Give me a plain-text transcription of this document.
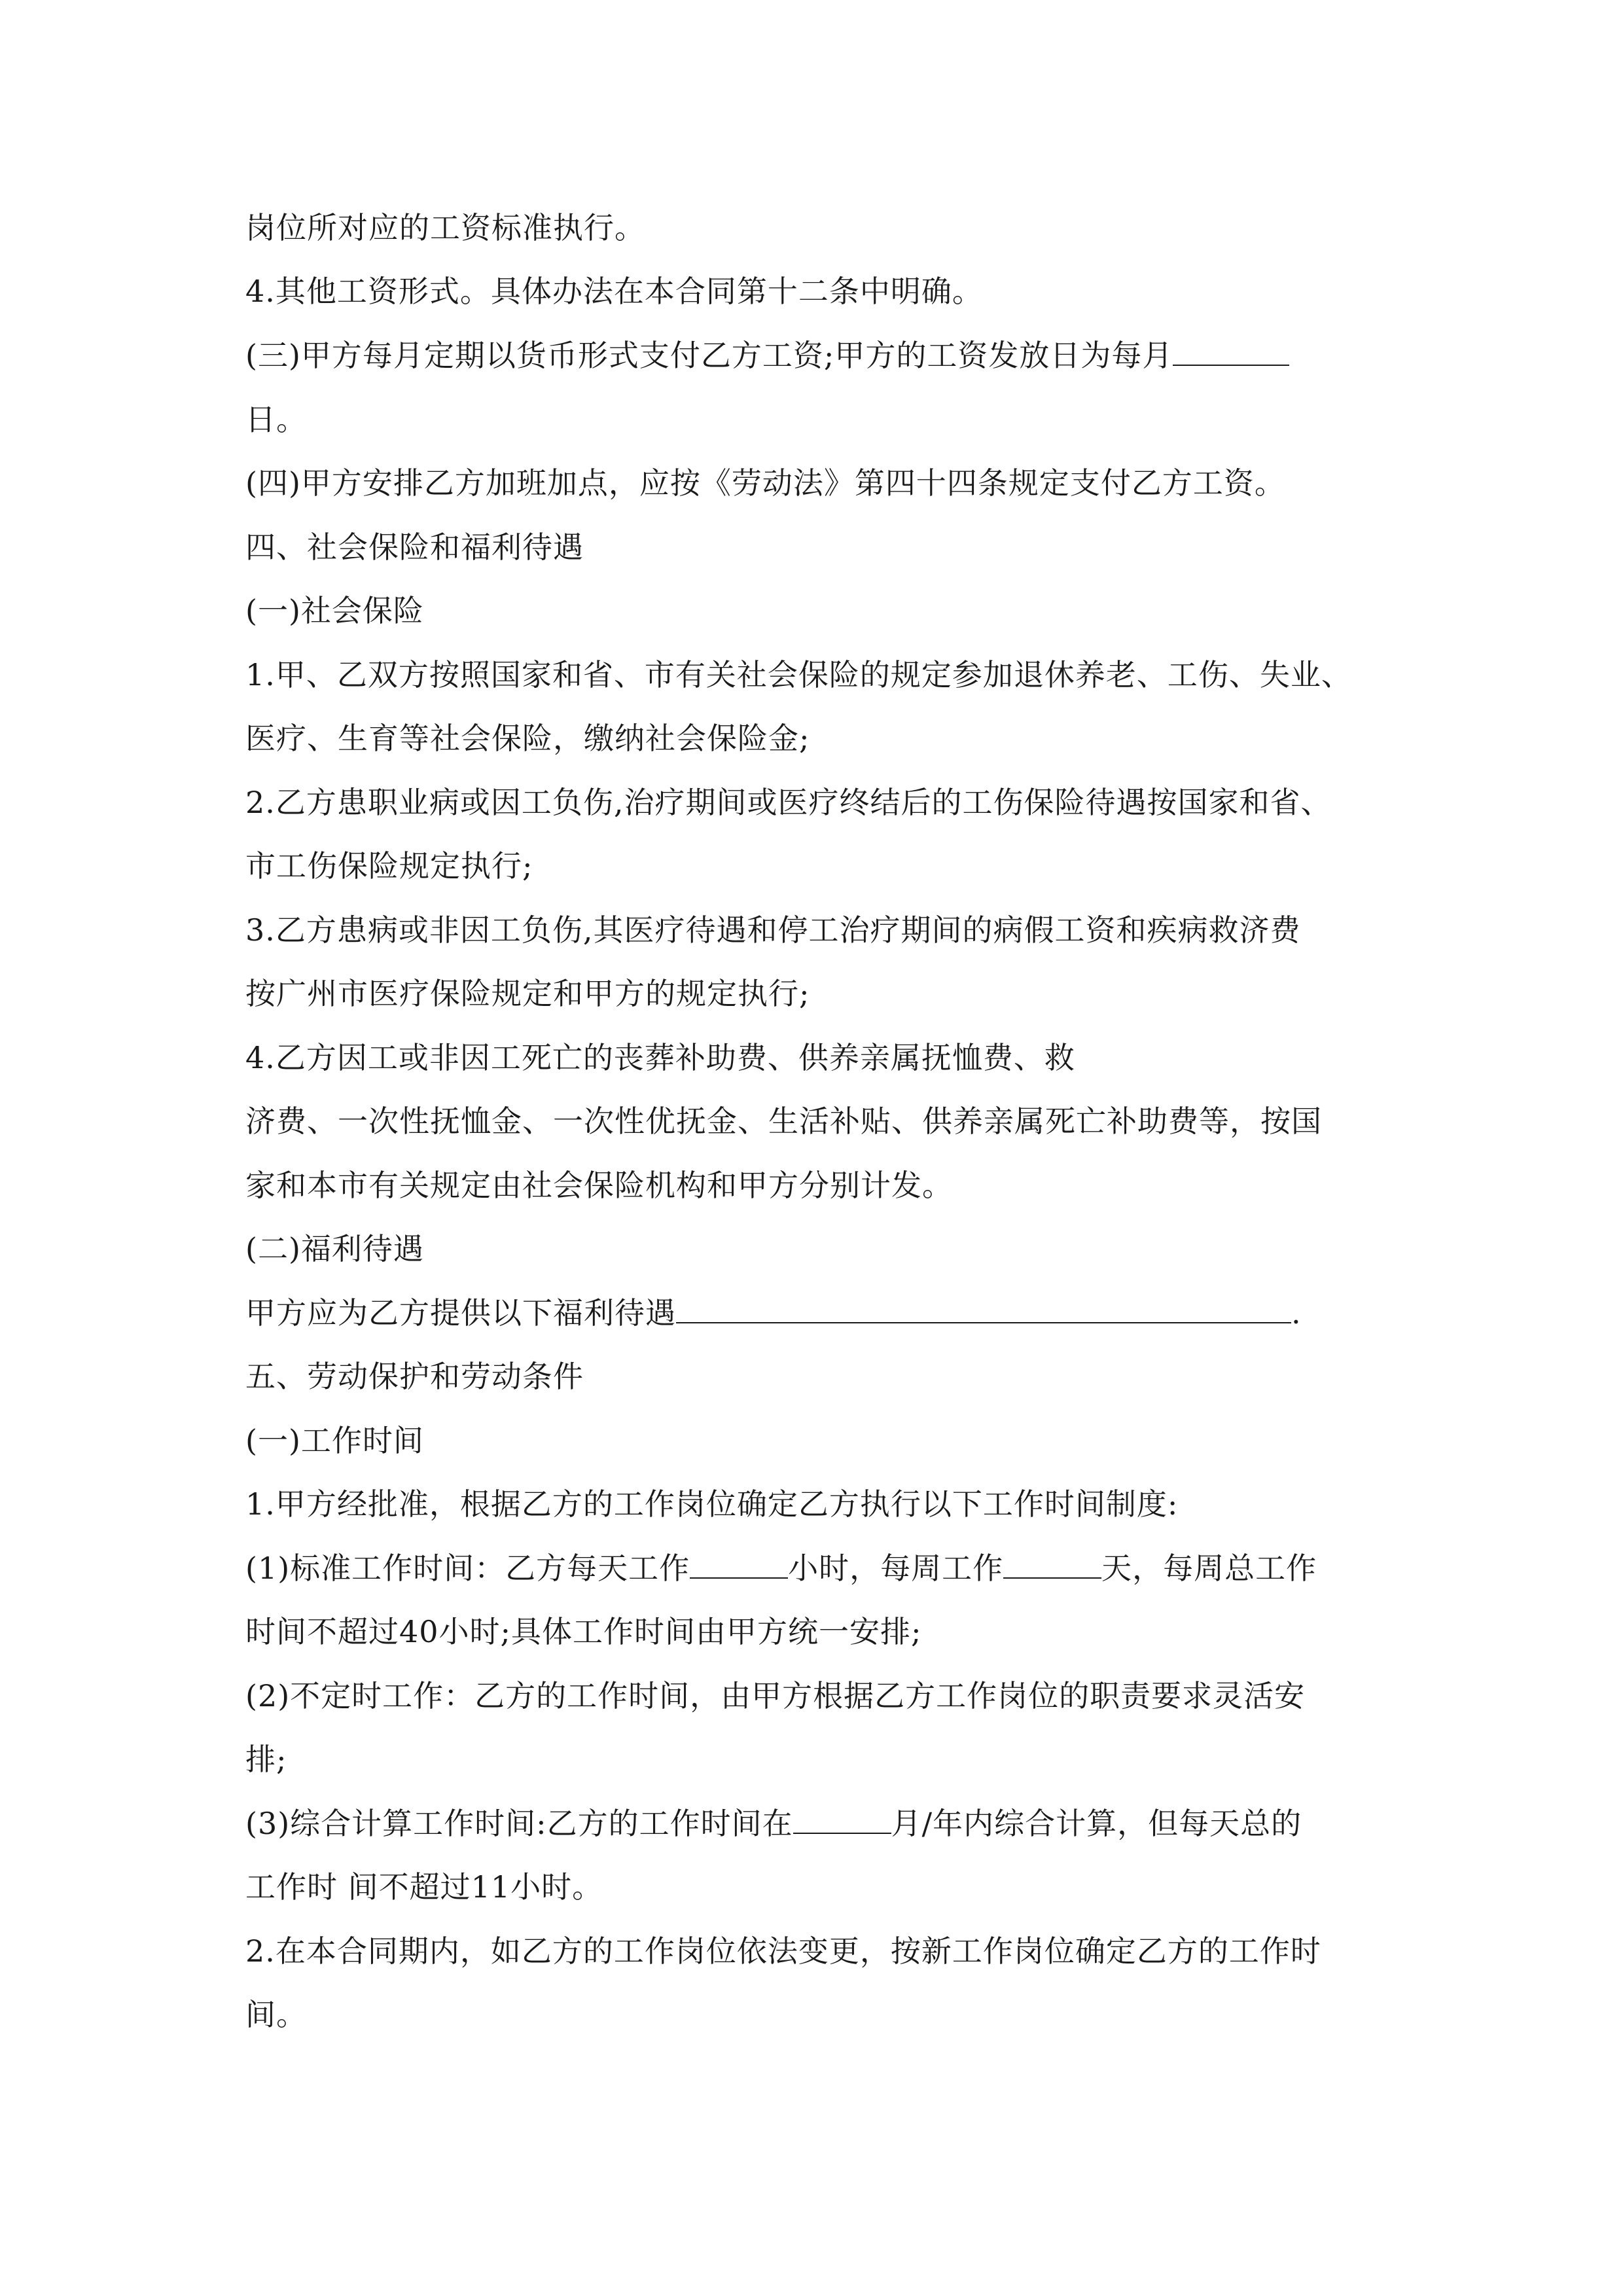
岗位所对应的工资标准执行。
4.其他工资形式。具体办法在本合同第十二条中明确。
(三)甲方每月定期以货币形式支付乙方工资;甲方的工资发放日为每月
日。
(四)甲方安排乙方加班加点，应按《劳动法》第四十四条规定支付乙方工资。
四、社会保险和福利待遇
(一)社会保险
1.甲、乙双方按照国家和省、市有关社会保险的规定参加退休养老、工伤、失业、
医疗、生育等社会保险，缴纳社会保险金;
2.乙方患职业病或因工负伤,治疗期间或医疗终结后的工伤保险待遇按国家和省、
市工伤保险规定执行;
3.乙方患病或非因工负伤,其医疗待遇和停工治疗期间的病假工资和疾病救济费
按广州市医疗保险规定和甲方的规定执行;
4.乙方因工或非因工死亡的丧葬补助费、供养亲属抚恤费、救
济费、一次性抚恤金、一次性优抚金、生活补贴、供养亲属死亡补助费等，按国
家和本市有关规定由社会保险机构和甲方分别计发。
(二)福利待遇
甲方应为乙方提供以下福利待遇	.
五、劳动保护和劳动条件
(一)工作时间
1.甲方经批准，根据乙方的工作岗位确定乙方执行以下工作时间制度:
(1)标准工作时间：乙方每天工作	小时，每周工作	天，每周总工作
时间不超过40小时;具体工作时间由甲方统一安排;
(2)不定时工作：乙方的工作时间，由甲方根据乙方工作岗位的职责要求灵活安
排;
(3)综合计算工作时间:乙方的工作时间在	月/年内综合计算，但每天总的
工作时 间不超过11小时。
2.在本合同期内，如乙方的工作岗位依法变更，按新工作岗位确定乙方的工作时
间。
